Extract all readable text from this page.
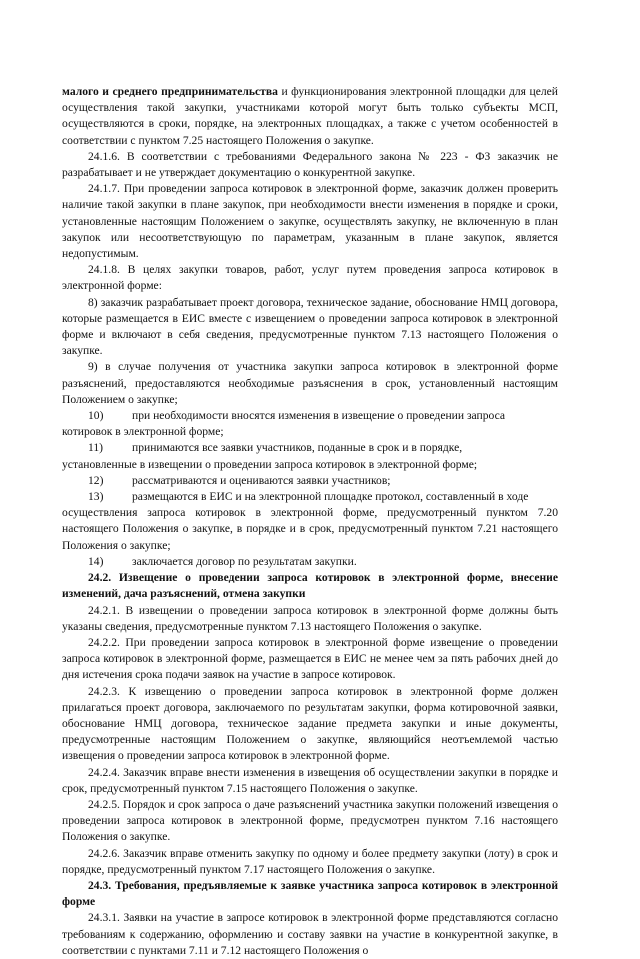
малого и среднего предпринимательства и функционирования электронной площадки для целей осуществления такой закупки, участниками которой могут быть только субъекты МСП, осуществляются в сроки, порядке, на электронных площадках, а также с учетом особенностей в соответствии с пунктом 7.25 настоящего Положения о закупке.

24.1.6. В соответствии с требованиями Федерального закона № 223 - ФЗ заказчик не разрабатывает и не утверждает документацию о конкурентной закупке.

24.1.7. При проведении запроса котировок в электронной форме, заказчик должен проверить наличие такой закупки в плане закупок, при необходимости внести изменения в порядке и сроки, установленные настоящим Положением о закупке, осуществлять закупку, не включенную в план закупок или несоответствующую по параметрам, указанным в плане закупок, является недопустимым.

24.1.8. В целях закупки товаров, работ, услуг путем проведения запроса котировок в электронной форме:

8) заказчик разрабатывает проект договора, техническое задание, обоснование НМЦ договора, которые размещается в ЕИС вместе с извещением о проведении запроса котировок в электронной форме и включают в себя сведения, предусмотренные пунктом 7.13 настоящего Положения о закупке.

9) в случае получения от участника закупки запроса котировок в электронной форме разъяснений, предоставляются необходимые разъяснения в срок, установленный настоящим Положением о закупке;

10)	при необходимости вносятся изменения в извещение о проведении запроса

котировок в электронной форме;

11)	принимаются все заявки участников, поданные в срок и в порядке,

установленные в извещении о проведении запроса котировок в электронной форме;

12)	рассматриваются и оцениваются заявки участников;
13)	размещаются в ЕИС и на электронной площадке протокол, составленный в ходе

осуществления запроса котировок в электронной форме, предусмотренный пунктом 7.20 настоящего Положения о закупке, в порядке и в срок, предусмотренный пунктом 7.21 настоящего Положения о закупке;

14)	заключается договор по результатам закупки.

24.2. Извещение о проведении запроса котировок в электронной форме, внесение изменений, дача разъяснений, отмена закупки

24.2.1. В извещении о проведении запроса котировок в электронной форме должны быть указаны сведения, предусмотренные пунктом 7.13 настоящего Положения о закупке.

24.2.2. При проведении запроса котировок в электронной форме извещение о проведении запроса котировок в электронной форме, размещается в ЕИС не менее чем за пять рабочих дней до дня истечения срока подачи заявок на участие в запросе котировок.

24.2.3. К извещению о проведении запроса котировок в электронной форме должен прилагаться проект договора, заключаемого по результатам закупки, форма котировочной заявки, обоснование НМЦ договора, техническое задание предмета закупки и иные документы, предусмотренные настоящим Положением о закупке, являющийся неотъемлемой частью извещения о проведении запроса котировок в электронной форме.

24.2.4. Заказчик вправе внести изменения в извещения об осуществлении закупки в порядке и срок, предусмотренный пунктом 7.15 настоящего Положения о закупке.

24.2.5. Порядок и срок запроса о даче разъяснений участника закупки положений извещения о проведении запроса котировок в электронной форме, предусмотрен пунктом 7.16 настоящего Положения о закупке.

24.2.6. Заказчик вправе отменить закупку по одному и более предмету закупки (лоту) в срок и порядке, предусмотренный пунктом 7.17 настоящего Положения о закупке.

24.3. Требования, предъявляемые к заявке участника запроса котировок в электронной форме

24.3.1. Заявки на участие в запросе котировок в электронной форме представляются согласно требованиям к содержанию, оформлению и составу заявки на участие в конкурентной закупке, в соответствии с пунктами 7.11 и 7.12 настоящего Положения о
